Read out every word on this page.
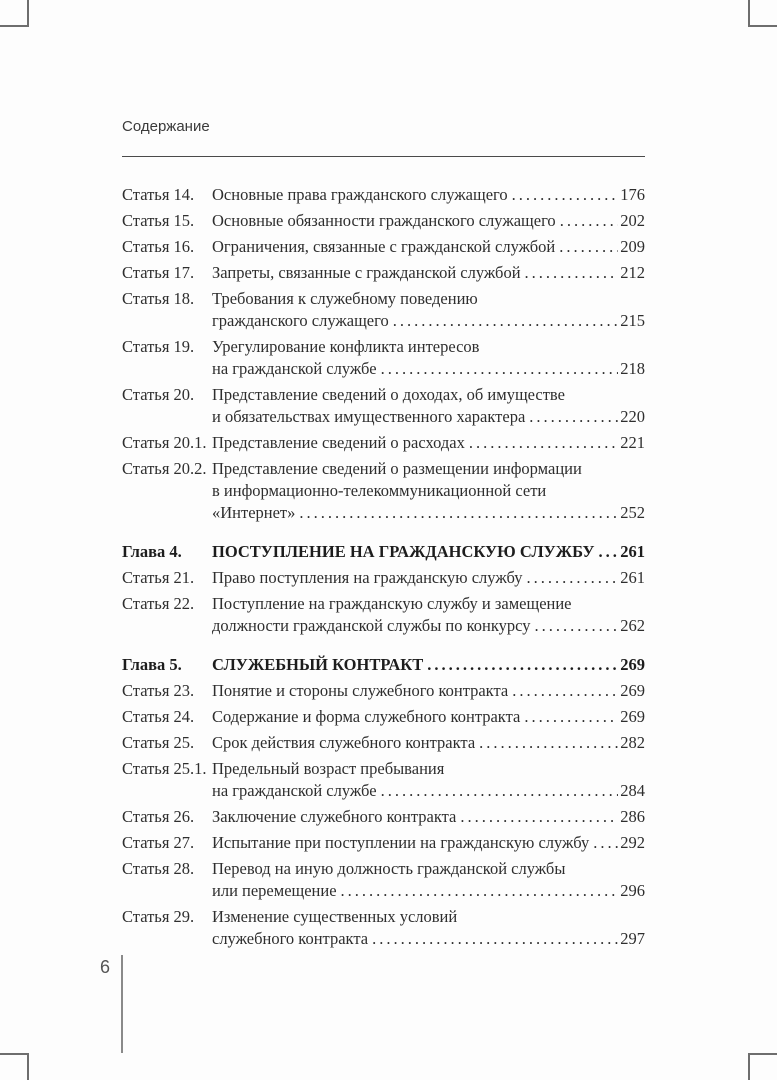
Содержание
Статья 14.	Основные права гражданского служащего .....	176
Статья 15.	Основные обязанности гражданского служащего .....	202
Статья 16.	Ограничения, связанные с гражданской службой .....	209
Статья 17.	Запреты, связанные с гражданской службой .....	212
Статья 18.	Требования к служебному поведению
гражданского служащего .....	215
Статья 19.	Урегулирование конфликта интересов
на гражданской службе .....	218
Статья 20.	Представление сведений о доходах, об имуществе
и обязательствах имущественного характера .....	220
Статья 20.1. Представление сведений о расходах .....	221
Статья 20.2. Представление сведений о размещении информации
в информационно-телекоммуникационной сети
«Интернет» .....	252
Глава 4.	ПОСТУПЛЕНИЕ НА ГРАЖДАНСКУЮ СЛУЖБУ ..... 261
Статья 21.	Право поступления на гражданскую службу .....	261
Статья 22.	Поступление на гражданскую службу и замещение
должности гражданской службы по конкурсу .....	262
Глава 5.	СЛУЖЕБНЫЙ КОНТРАКТ .....	269
Статья 23.	Понятие и стороны служебного контракта .....	269
Статья 24.	Содержание и форма служебного контракта .....	269
Статья 25.	Срок действия служебного контракта .....	282
Статья 25.1. Предельный возраст пребывания
на гражданской службе .....	284
Статья 26.	Заключение служебного контракта .....	286
Статья 27.	Испытание при поступлении на гражданскую службу ..... 292
Статья 28.	Перевод на иную должность гражданской службы
или перемещение .....	296
Статья 29.	Изменение существенных условий
служебного контракта .....	297
6
